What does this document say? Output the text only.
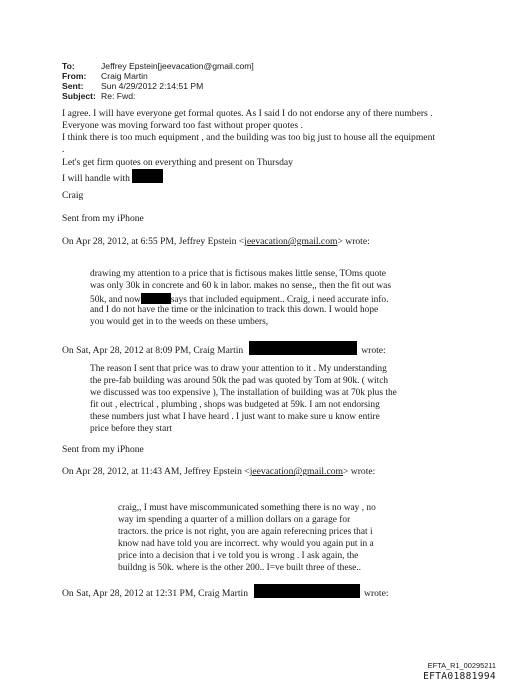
To:	Jeffrey Epstein[jeevacation@gmail.com]
From:	Craig Martin
Sent:	Sun 4/29/2012 2:14:51 PM
Subject: Re: Fwd:
I agree. I will have everyone get formal quotes. As I said I do not endorse any of there numbers .
Everyone was moving forward too fast without proper quotes .
I think there is too much equipment , and the building was too big just to house all the equipment
.
Let's get firm quotes on everything and present on Thursday
I will handle with
Craig
Sent from my iPhone
On Apr 28, 2012, at 6:55 PM, Jeffrey Epstein <jeevacation@gmail.com> wrote:
drawing my attention to a price that is fictisous makes little sense, TOms quote
was only 30k in concrete and 60 k in labor. makes no sense,, then the fit out was
50k, and now	says that included equipment.. Craig, i need accurate info.
and I do not have the time or the inlcination to track this down. I would hope
you would get in to the weeds on these umbers,
On Sat, Apr 28, 2012 at 8:09 PM, Craig Martin	wrote:
The reason I sent that price was to draw your attention to it . My understanding
the pre-fab building was around 50k the pad was quoted by Tom at 90k. ( witch
we discussed was too expensive ), The installation of building was at 70k plus the
fit out , electrical , plumbing , shops was budgeted at 59k. I am not endorsing
these numbers just what I have heard . I just want to make sure u know entire
price before they start
Sent from my iPhone
On Apr 28, 2012, at 11:43 AM, Jeffrey Epstein <jeevacation@gmail.com> wrote:
craig,, I must have miscommunicated something there is no way , no
way im spending a quarter of a million dollars on a garage for
tractors. the price is not right, you are again referecning prices that i
know nad have told you are incorrect. why would you again put in a
price into a decision that i ve told you is wrong . I ask again, the
buildng is 50k. where is the other 200.. I=ve built three of these..
On Sat, Apr 28, 2012 at 12:31 PM, Craig Martin	wrote:
EFTA_R1_00295211
EFTA01881994
